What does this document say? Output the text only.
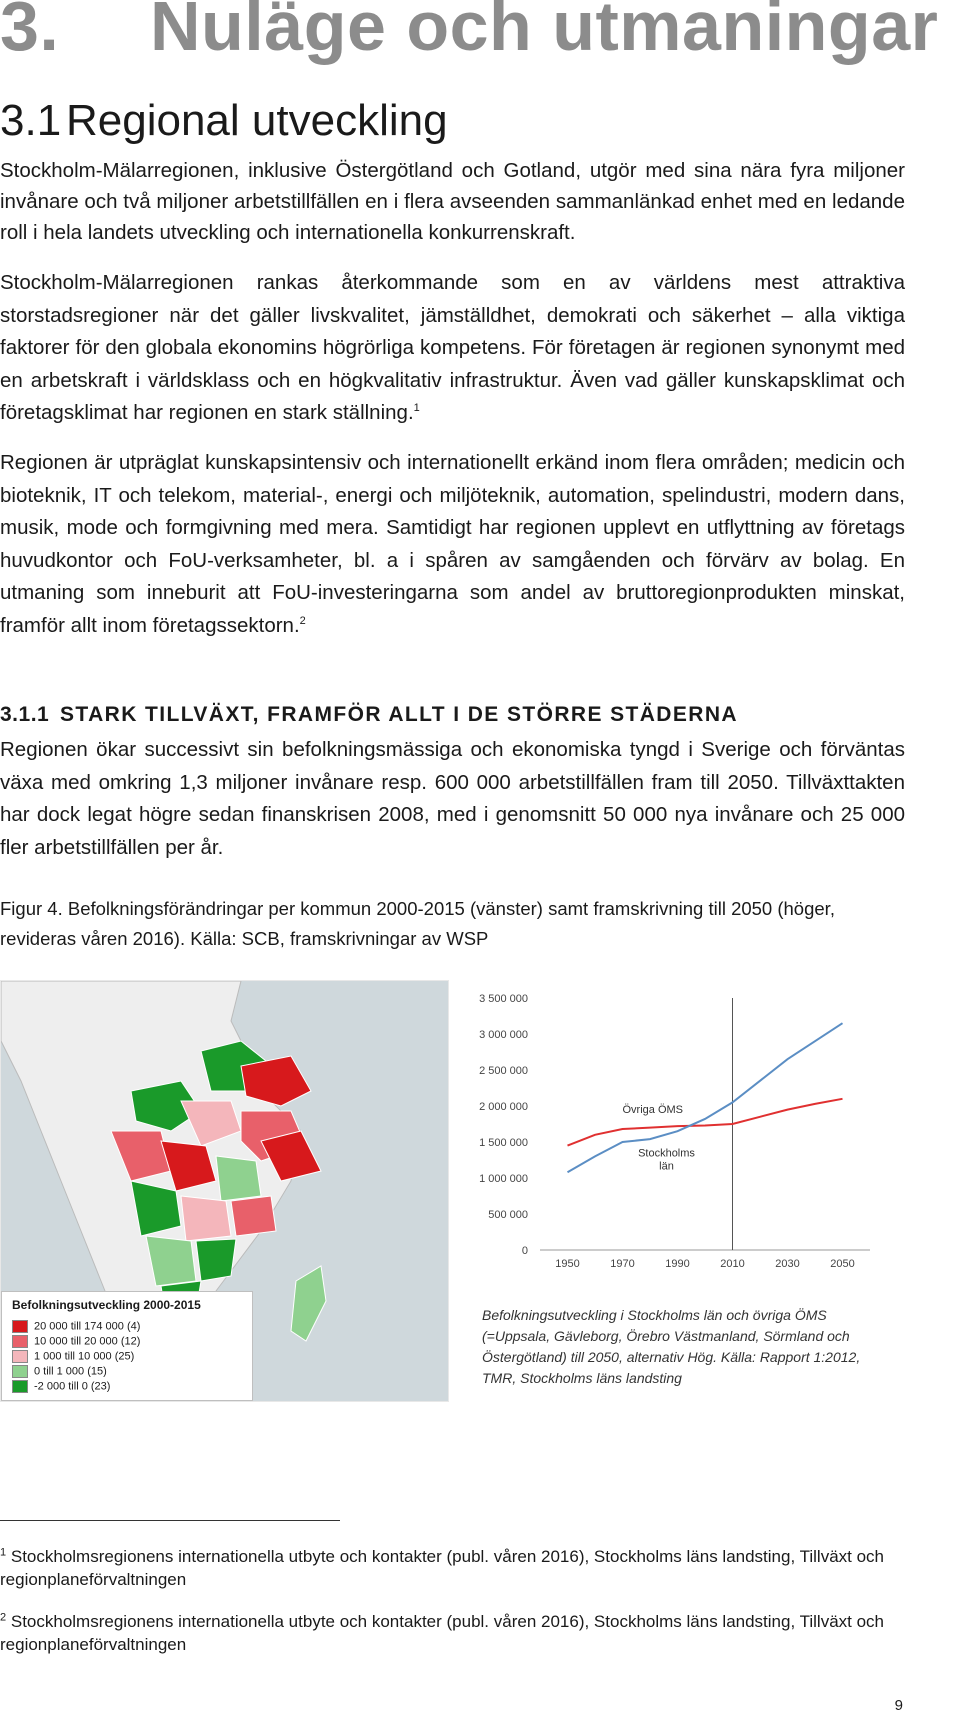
3. Nuläge och utmaningar
3.1 Regional utveckling

Stockholm-Mälarregionen, inklusive Östergötland och Gotland, utgör med sina nära fyra miljoner invånare och två miljoner arbetstillfällen en i flera avseenden sammanlänkad enhet med en ledande roll i hela landets utveckling och internationella konkurrenskraft.

Stockholm-Mälarregionen rankas återkommande som en av världens mest attraktiva storstadsregioner när det gäller livskvalitet, jämställdhet, demokrati och säkerhet – alla viktiga faktorer för den globala ekonomins högrörliga kompetens. För företagen är regionen synonymt med en arbetskraft i världsklass och en högkvalitativ infrastruktur. Även vad gäller kunskapsklimat och företagsklimat har regionen en stark ställning.$^1$

Regionen är utpräglat kunskapsintensiv och internationellt erkänd inom flera områden; medicin och bioteknik, IT och telekom, material-, energi och miljöteknik, automation, spelindustri, modern dans, musik, mode och formgivning med mera. Samtidigt har regionen upplevt en utflyttning av företags huvudkontor och FoU-verksamheter, bl. a i spåren av samgåenden och förvärv av bolag. En utmaning som inneburit att FoU-investeringarna som andel av bruttoregionprodukten minskat, framför allt inom företagssektorn.$^2$

3.1.1 STARK TILLVÄXT, FRAMFÖR ALLT I DE STÖRRE STÄDERNA

Regionen ökar successivt sin befolkningsmässiga och ekonomiska tyngd i Sverige och förväntas växa med omkring 1,3 miljoner invånare resp. 600 000 arbetstillfällen fram till 2050. Tillväxttakten har dock legat högre sedan finanskrisen 2008, med i genomsnitt 50 000 nya invånare och 25 000 fler arbetstillfällen per år.

Figur 4. Befolkningsförändringar per kommun 2000-2015 (vänster) samt framskrivning till 2050 (höger, revideras våren 2016). Källa: SCB, framskrivningar av WSP

Befolkningsutveckling 2000-2015
20 000 till 174 000 (4)
10 000 till 20 000 (12)
1 000 till 10 000 (25)
0 till 1 000 (15)
-2 000 till 0 (23)
0
500 000
1 000 000
1 500 000
2 000 000
2 500 000
3 000 000
3 500 000
1950	1970	1990	2010	2030	2050
Övriga ÖMS
Stockholms
län
Befolkningsutveckling i Stockholms län och övriga ÖMS (=Uppsala, Gävleborg, Örebro Västmanland, Sörmland och Östergötland) till 2050, alternativ Hög. Källa: Rapport 1:2012, TMR, Stockholms läns landsting

$^1$ Stockholmsregionens internationella utbyte och kontakter (publ. våren 2016), Stockholms läns landsting, Tillväxt och regionplaneförvaltningen

$^2$ Stockholmsregionens internationella utbyte och kontakter (publ. våren 2016), Stockholms läns landsting, Tillväxt och regionplaneförvaltningen

9
